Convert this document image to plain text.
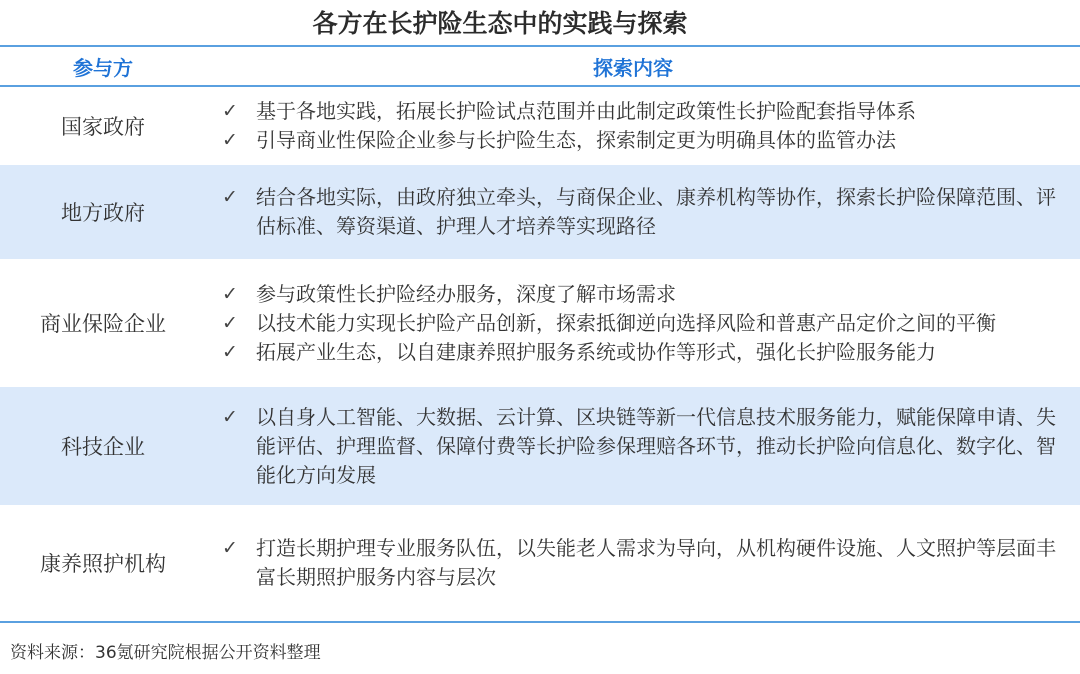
各方在长护险生态中的实践与探索
参与方	探索内容
国家政府
✓ 基于各地实践，拓展长护险试点范围并由此制定政策性长护险配套指导体系
✓ 引导商业性保险企业参与长护险生态，探索制定更为明确具体的监管办法
地方政府
✓ 结合各地实际，由政府独立牵头，与商保企业、康养机构等协作，探索长护险保障范围、评估标准、筹资渠道、护理人才培养等实现路径
商业保险企业
✓ 参与政策性长护险经办服务，深度了解市场需求
✓ 以技术能力实现长护险产品创新，探索抵御逆向选择风险和普惠产品定价之间的平衡
✓ 拓展产业生态，以自建康养照护服务系统或协作等形式，强化长护险服务能力
科技企业
✓ 以自身人工智能、大数据、云计算、区块链等新一代信息技术服务能力，赋能保障申请、失能评估、护理监督、保障付费等长护险参保理赔各环节，推动长护险向信息化、数字化、智能化方向发展
康养照护机构
✓ 打造长期护理专业服务队伍，以失能老人需求为导向，从机构硬件设施、人文照护等层面丰富长期照护服务内容与层次
资料来源：36氪研究院根据公开资料整理
